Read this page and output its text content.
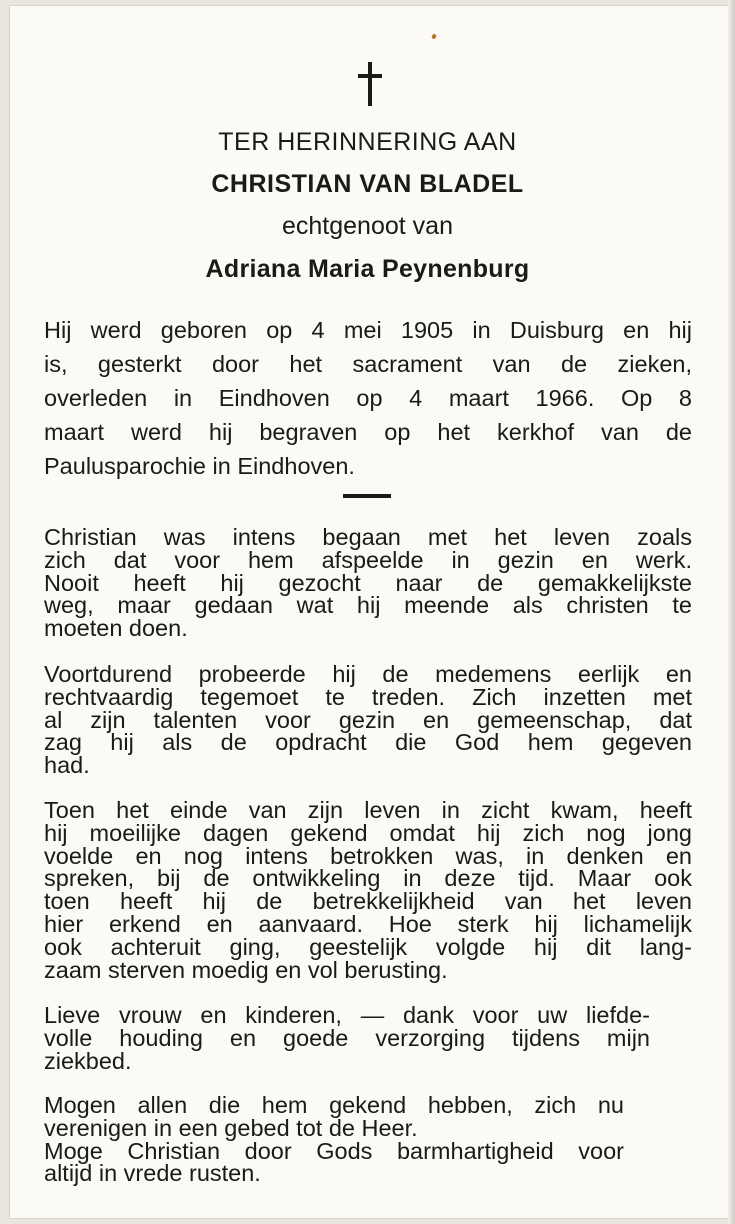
TER HERINNERING AAN
CHRISTIAN VAN BLADEL
echtgenoot van
Adriana Maria Peynenburg
Hij werd geboren op 4 mei 1905 in Duisburg en hij
is, gesterkt door het sacrament van de zieken,
overleden in Eindhoven op 4 maart 1966. Op 8
maart werd hij begraven op het kerkhof van de
Paulusparochie in Eindhoven.
Christian was intens begaan met het leven zoals
zich dat voor hem afspeelde in gezin en werk.
Nooit heeft hij gezocht naar de gemakkelijkste
weg, maar gedaan wat hij meende als christen te
moeten doen.
Voortdurend probeerde hij de medemens eerlijk en
rechtvaardig tegemoet te treden. Zich inzetten met
al zijn talenten voor gezin en gemeenschap, dat
zag hij als de opdracht die God hem gegeven
had.
Toen het einde van zijn leven in zicht kwam, heeft
hij moeilijke dagen gekend omdat hij zich nog jong
voelde en nog intens betrokken was, in denken en
spreken, bij de ontwikkeling in deze tijd. Maar ook
toen heeft hij de betrekkelijkheid van het leven
hier erkend en aanvaard. Hoe sterk hij lichamelijk
ook achteruit ging, geestelijk volgde hij dit lang-
zaam sterven moedig en vol berusting.
Lieve vrouw en kinderen, — dank voor uw liefde-
volle houding en goede verzorging tijdens mijn
ziekbed.
Mogen allen die hem gekend hebben, zich nu
verenigen in een gebed tot de Heer.
Moge Christian door Gods barmhartigheid voor
altijd in vrede rusten.
